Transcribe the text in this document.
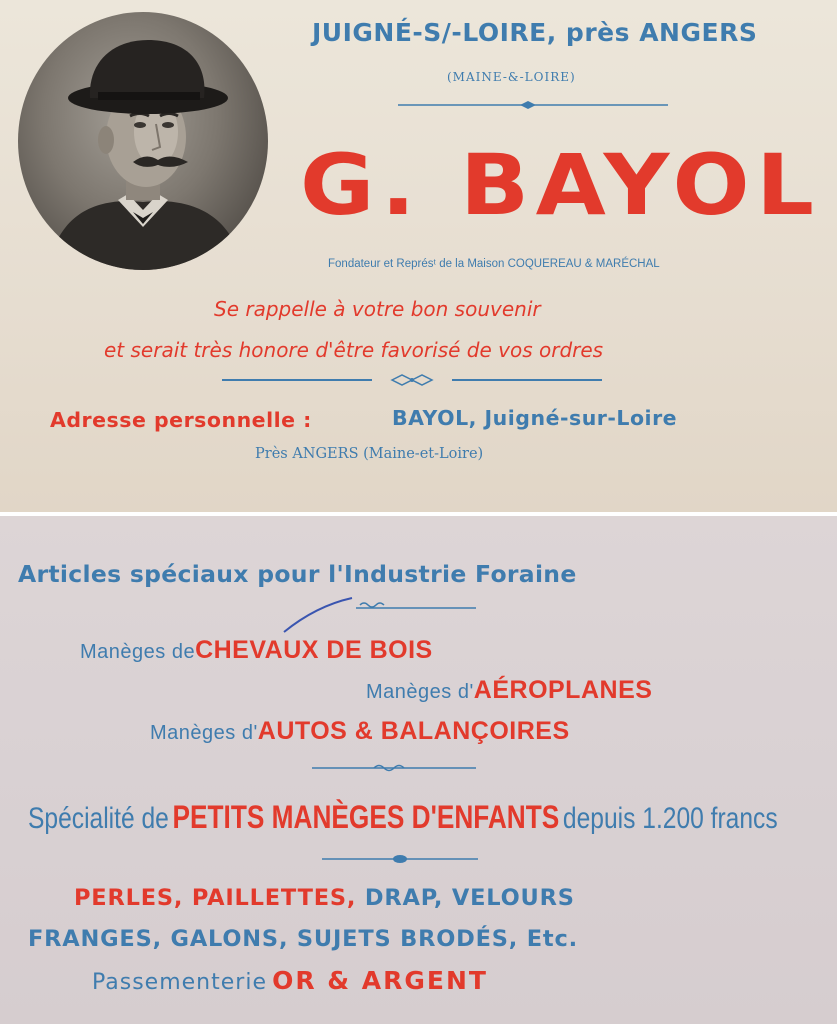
JUIGNÉ-S/-LOIRE, près ANGERS
(MAINE-&-LOIRE)
G. BAYOL
Fondateur et Représᵗ de la Maison COQUEREAU & MARÉCHAL
Se rappelle à votre bon souvenir
et serait très honore d'être favorisé de vos ordres
Adresse personnelle :	BAYOL, Juigné-sur-Loire
Près ANGERS (Maine-et-Loire)
Articles spéciaux pour l'Industrie Foraine
Manèges deCHEVAUX DE BOIS
Manèges d'AÉROPLANES
Manèges d'AUTOS & BALANÇOIRES
Spécialité de PETITS MANÈGES D'ENFANTS depuis 1.200 francs
PERLES, PAILLETTES, DRAP, VELOURS
FRANGES, GALONS, SUJETS BRODÉS, Etc.
Passementerie OR & ARGENT
